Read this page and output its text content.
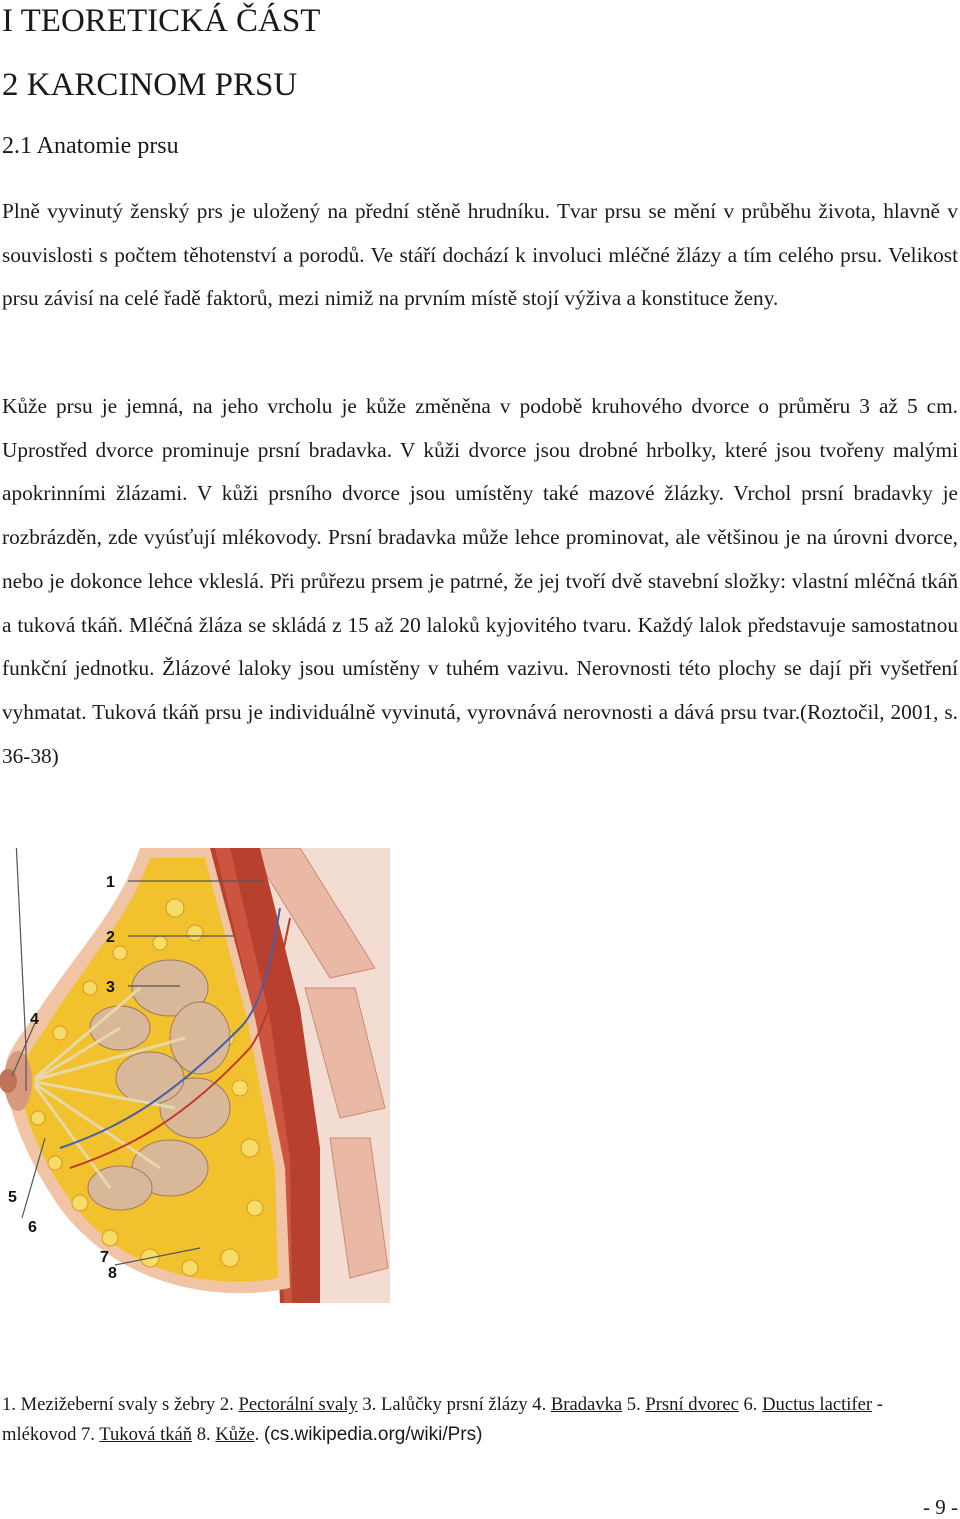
I TEORETICKÁ ČÁST
2 KARCINOM PRSU
2.1 Anatomie prsu

Plně vyvinutý ženský prs je uložený na přední stěně hrudníku. Tvar prsu se mění v průběhu života, hlavně v souvislosti s počtem těhotenství a porodů. Ve stáří dochází k involuci mléčné žlázy a tím celého prsu. Velikost prsu závisí na celé řadě faktorů, mezi nimiž na prvním místě stojí výživa a konstituce ženy.

Kůže prsu je jemná, na jeho vrcholu je kůže změněna v podobě kruhového dvorce o průměru 3 až 5 cm. Uprostřed dvorce prominuje prsní bradavka. V kůži dvorce jsou drobné hrbolky, které jsou tvořeny malými apokrinními žlázami. V kůži prsního dvorce jsou umístěny také mazové žlázky. Vrchol prsní bradavky je rozbrázděn, zde vyúsťují mlékovody. Prsní bradavka může lehce prominovat, ale většinou je na úrovni dvorce, nebo je dokonce lehce vkleslá. Při průřezu prsem je patrné, že jej tvoří dvě stavební složky: vlastní mléčná tkáň a tuková tkáň. Mléčná žláza se skládá z 15 až 20 laloků kyjovitého tvaru. Každý lalok představuje samostatnou funkční jednotku. Žlázové laloky jsou umístěny v tuhém vazivu. Nerovnosti této plochy se dají při vyšetření vyhmatat. Tuková tkáň prsu je individuálně vyvinutá, vyrovnává nerovnosti a dává prsu tvar.(Roztočil, 2001, s. 36-38)

1
2
3
4
5
6
7
8

1. Mezižeberní svaly s žebry 2. Pectorální svaly 3. Lalůčky prsní žlázy 4. Bradavka 5. Prsní dvorec 6. Ductus lactifer - mlékovod 7. Tuková tkáň 8. Kůže. (cs.wikipedia.org/wiki/Prs)

- 9 -
